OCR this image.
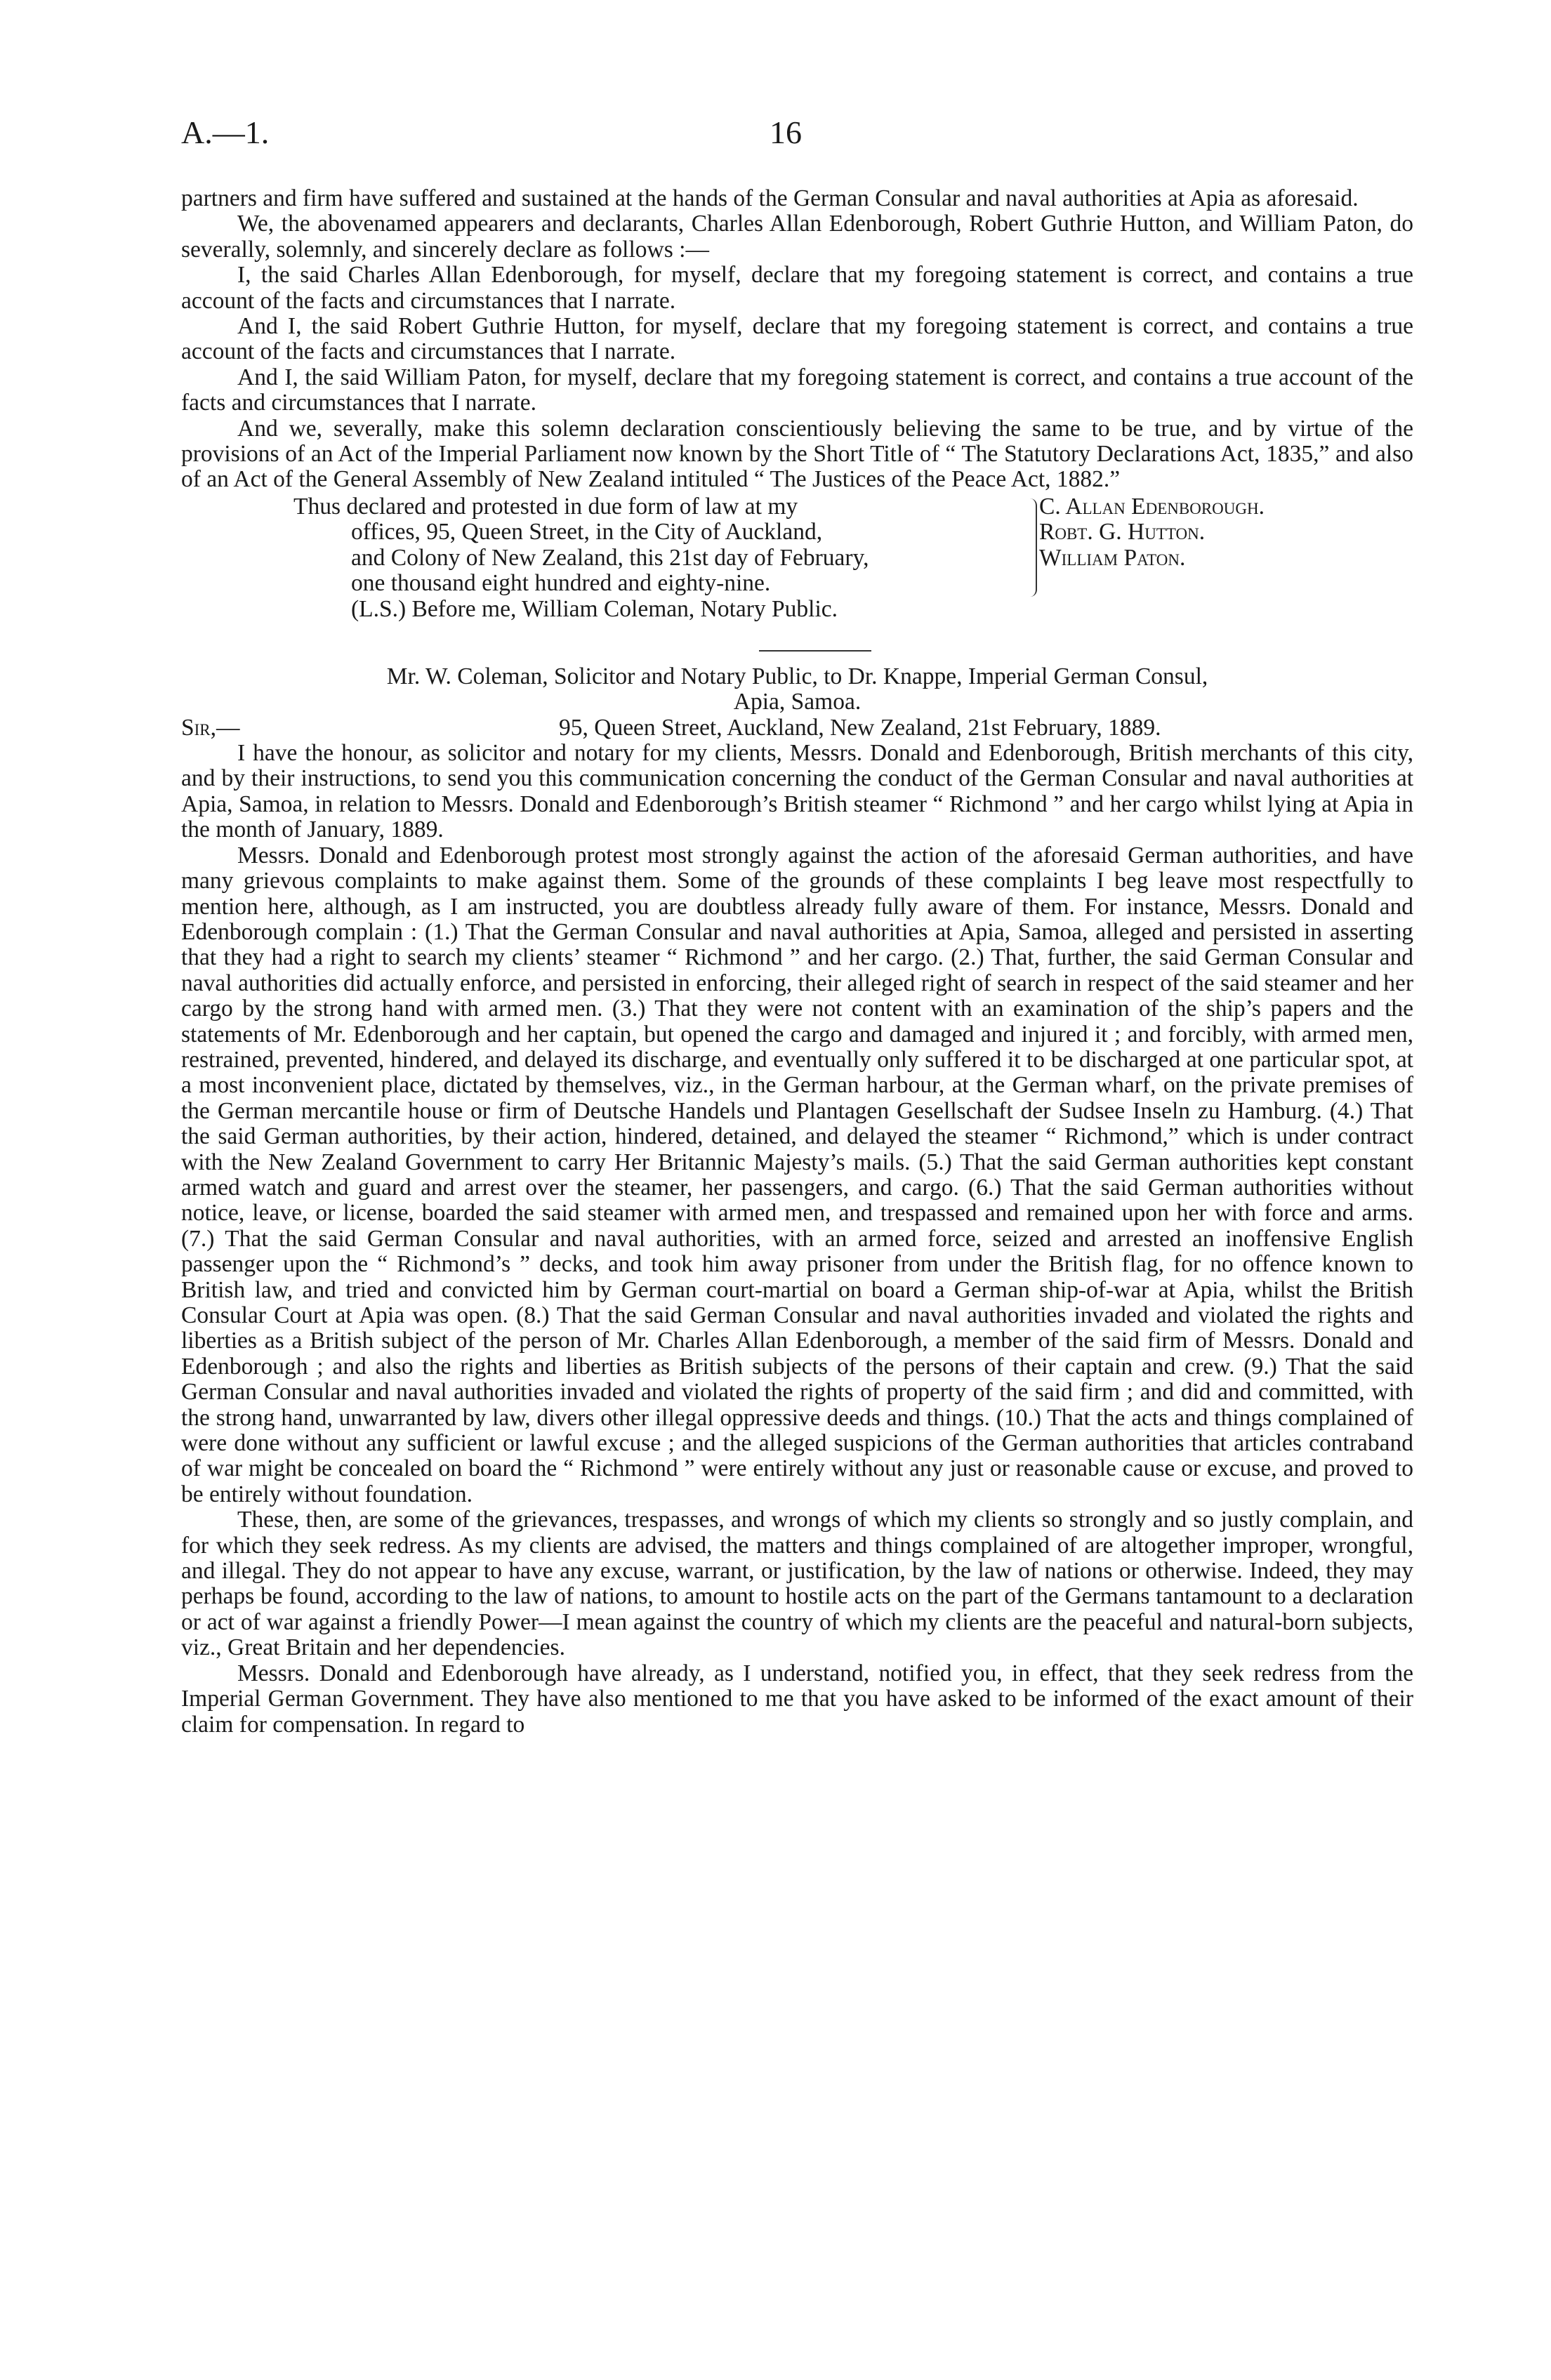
A.—1.	16

partners and firm have suffered and sustained at the hands of the German Consular and naval authorities at Apia as aforesaid.

We, the abovenamed appearers and declarants, Charles Allan Edenborough, Robert Guthrie Hutton, and William Paton, do severally, solemnly, and sincerely declare as follows :—

I, the said Charles Allan Edenborough, for myself, declare that my foregoing statement is correct, and contains a true account of the facts and circumstances that I narrate.

And I, the said Robert Guthrie Hutton, for myself, declare that my foregoing statement is correct, and contains a true account of the facts and circumstances that I narrate.

And I, the said William Paton, for myself, declare that my foregoing statement is correct, and contains a true account of the facts and circumstances that I narrate.

And we, severally, make this solemn declaration conscientiously believing the same to be true, and by virtue of the provisions of an Act of the Imperial Parliament now known by the Short Title of “ The Statutory Declarations Act, 1835,” and also of an Act of the General Assembly of New Zealand intituled “ The Justices of the Peace Act, 1882.”

Thus declared and protested in due form of law at my
offices, 95, Queen Street, in the City of Auckland,
and Colony of New Zealand, this 21st day of February,
one thousand eight hundred and eighty-nine.
(L.S.) Before me, William Coleman, Notary Public.
C. Allan Edenborough.
Robt. G. Hutton.
William Paton.

Mr. W. Coleman, Solicitor and Notary Public, to Dr. Knappe, Imperial German Consul,

Apia, Samoa.

Sir,—	95, Queen Street, Auckland, New Zealand, 21st February, 1889.

I have the honour, as solicitor and notary for my clients, Messrs. Donald and Edenborough, British merchants of this city, and by their instructions, to send you this communication concerning the conduct of the German Consular and naval authorities at Apia, Samoa, in relation to Messrs. Donald and Edenborough’s British steamer “ Richmond ” and her cargo whilst lying at Apia in the month of January, 1889.

Messrs. Donald and Edenborough protest most strongly against the action of the aforesaid German authorities, and have many grievous complaints to make against them. Some of the grounds of these complaints I beg leave most respectfully to mention here, although, as I am instructed, you are doubtless already fully aware of them. For instance, Messrs. Donald and Edenborough complain : (1.) That the German Consular and naval authorities at Apia, Samoa, alleged and persisted in asserting that they had a right to search my clients’ steamer “ Richmond ” and her cargo. (2.) That, further, the said German Consular and naval authorities did actually enforce, and persisted in enforcing, their alleged right of search in respect of the said steamer and her cargo by the strong hand with armed men. (3.) That they were not content with an examination of the ship’s papers and the statements of Mr. Edenborough and her captain, but opened the cargo and damaged and injured it ; and forcibly, with armed men, restrained, prevented, hindered, and delayed its discharge, and eventually only suffered it to be discharged at one particular spot, at a most inconvenient place, dictated by themselves, viz., in the German harbour, at the German wharf, on the private premises of the German mercantile house or firm of Deutsche Handels und Plantagen Gesellschaft der Sudsee Inseln zu Hamburg. (4.) That the said German authorities, by their action, hindered, detained, and delayed the steamer “ Richmond,” which is under contract with the New Zealand Government to carry Her Britannic Majesty’s mails. (5.) That the said German authorities kept constant armed watch and guard and arrest over the steamer, her passengers, and cargo. (6.) That the said German authorities without notice, leave, or license, boarded the said steamer with armed men, and trespassed and remained upon her with force and arms. (7.) That the said German Consular and naval authorities, with an armed force, seized and arrested an inoffensive English passenger upon the “ Richmond’s ” decks, and took him away prisoner from under the British flag, for no offence known to British law, and tried and convicted him by German court-martial on board a German ship-of-war at Apia, whilst the British Consular Court at Apia was open. (8.) That the said German Consular and naval authorities invaded and violated the rights and liberties as a British subject of the person of Mr. Charles Allan Edenborough, a member of the said firm of Messrs. Donald and Edenborough ; and also the rights and liberties as British subjects of the persons of their captain and crew. (9.) That the said German Consular and naval authorities invaded and violated the rights of property of the said firm ; and did and committed, with the strong hand, unwarranted by law, divers other illegal oppressive deeds and things. (10.) That the acts and things complained of were done without any sufficient or lawful excuse ; and the alleged suspicions of the German authorities that articles contraband of war might be concealed on board the “ Richmond ” were entirely without any just or reasonable cause or excuse, and proved to be entirely without foundation.

These, then, are some of the grievances, trespasses, and wrongs of which my clients so strongly and so justly complain, and for which they seek redress. As my clients are advised, the matters and things complained of are altogether improper, wrongful, and illegal. They do not appear to have any excuse, warrant, or justification, by the law of nations or otherwise. Indeed, they may perhaps be found, according to the law of nations, to amount to hostile acts on the part of the Germans tantamount to a declaration or act of war against a friendly Power—I mean against the country of which my clients are the peaceful and natural-born subjects, viz., Great Britain and her dependencies.

Messrs. Donald and Edenborough have already, as I understand, notified you, in effect, that they seek redress from the Imperial German Government. They have also mentioned to me that you have asked to be informed of the exact amount of their claim for compensation. In regard to
